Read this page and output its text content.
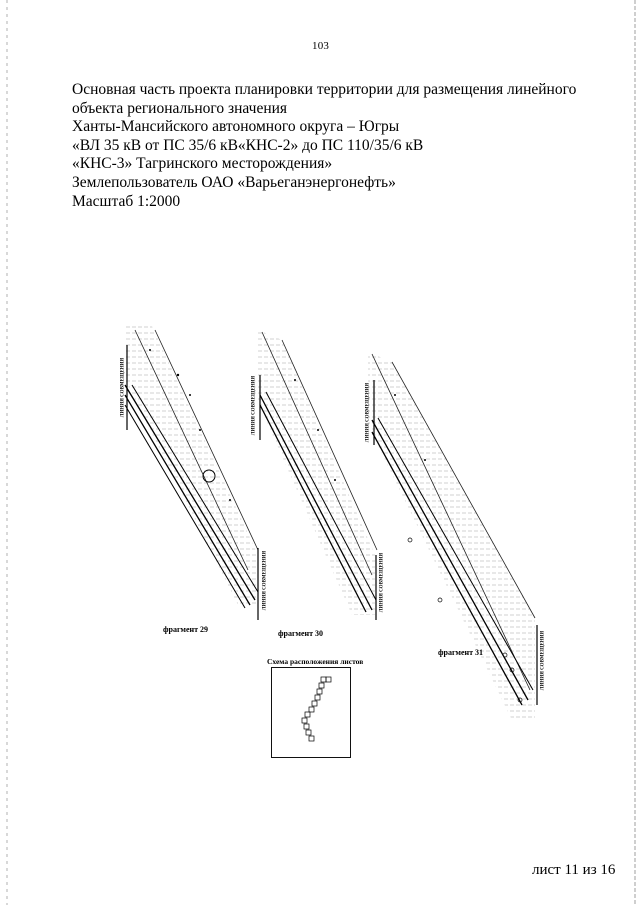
103
Основная часть проекта планировки территории для размещения линейного
объекта регионального значения
Ханты-Мансийского автономного округа – Югры
«ВЛ 35 кВ от ПС 35/6 кВ«КНС-2» до ПС 110/35/6 кВ
«КНС-3» Тагринского месторождения»
Землепользователь ОАО «Варьеганэнергонефть»
Масштаб 1:2000
ЛИНИЯ СОВМЕЩЕНИЯ
ЛИНИЯ СОВМЕЩЕНИЯ
ЛИНИЯ СОВМЕЩЕНИЯ
ЛИНИЯ СОВМЕЩЕНИЯ
ЛИНИЯ СОВМЕЩЕНИЯ
ЛИНИЯ СОВМЕЩЕНИЯ
фрагмент 29	фрагмент 30
фрагмент 31
Схема расположения листов
лист 11 из 16
